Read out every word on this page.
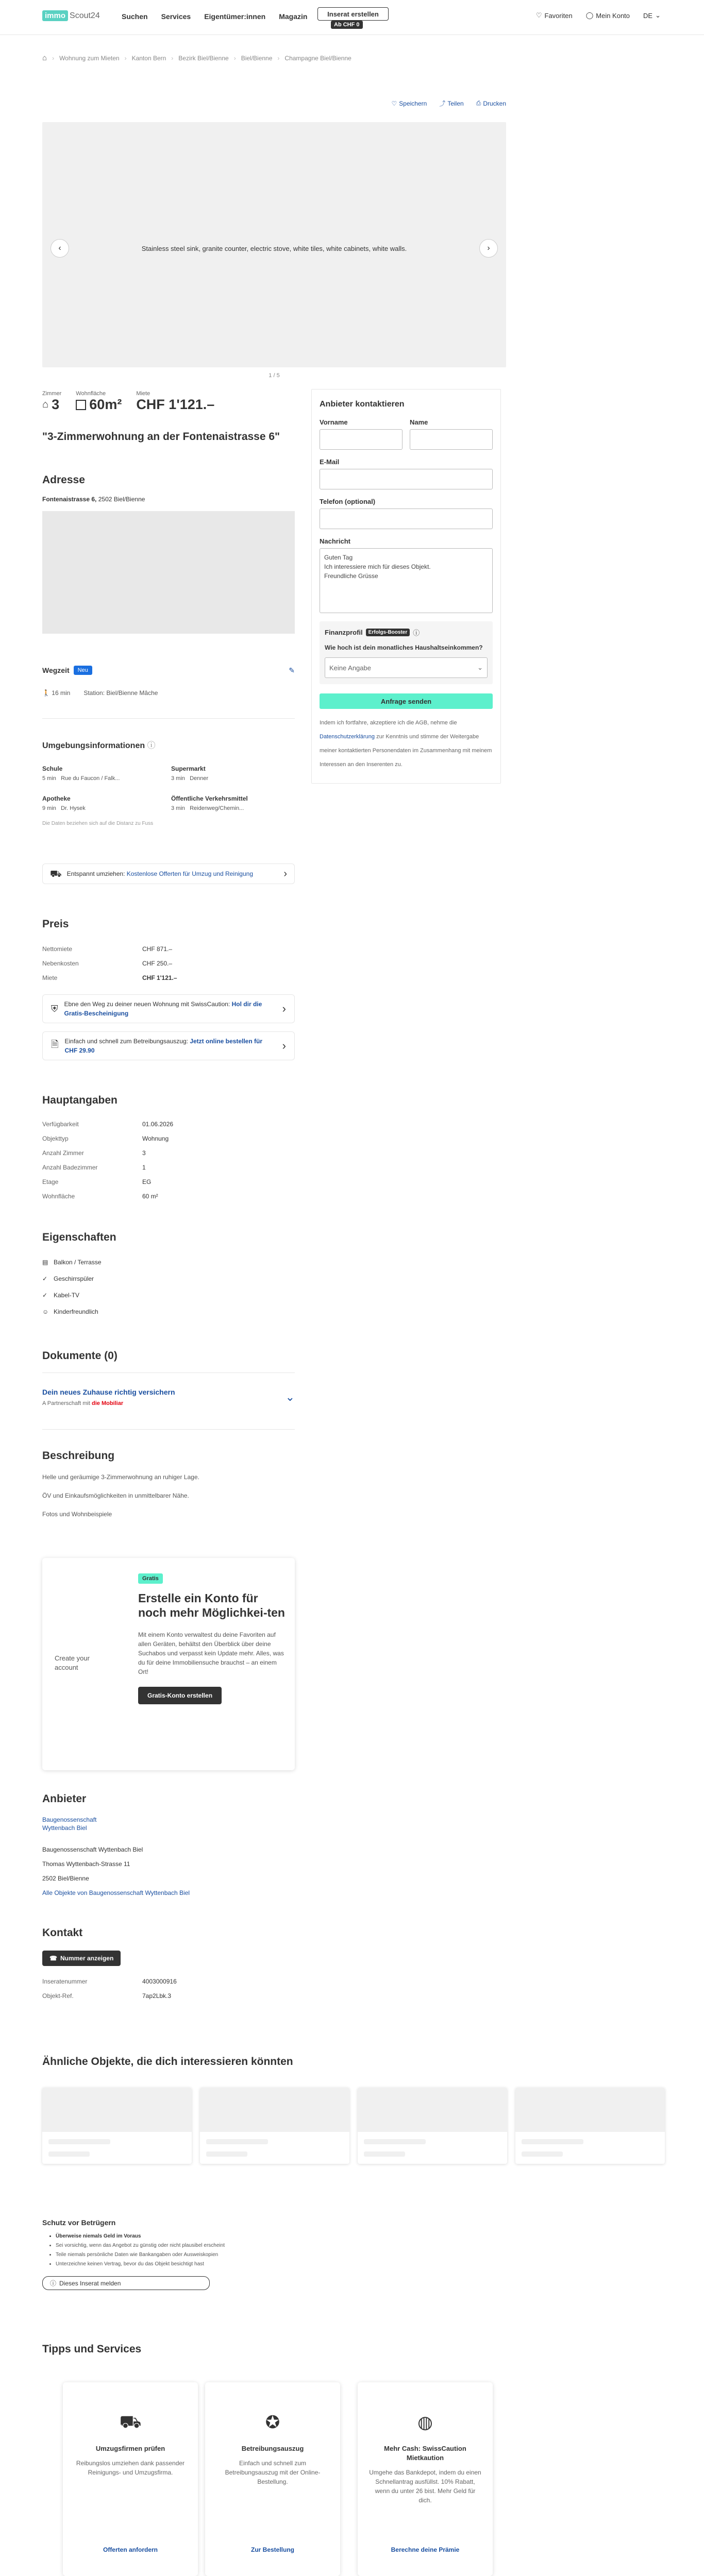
immo Scout24	Suchen Services Eigentümer:innen Magazin	Inserat erstellen
Ab CHF 0
♡ Favoriten ◯ Mein Konto DE ⌄
⌂ › Wohnung zum Mieten › Kanton Bern › Bezirk Biel/Bienne › Biel/Bienne › Champagne Biel/Bienne
♡ Speichern ⤴ Teilen ⎙ Drucken
Stainless steel sink, granite counter, electric stove, white tiles, white cabinets, white walls.
‹	›
1 / 5
Zimmer
⌂ 3
Wohnfläche
60m²
Miete
CHF 1'121.–
"3-Zimmerwohnung an der Fontenaistrasse 6"
Adresse
Fontenaistrasse 6, 2502 Biel/Bienne
Wegzeit	Neu	✎
🚶 16 min Station: Biel/Bienne Mâche
Umgebungsinformationen ⓘ
Schule
5 min Rue du Faucon / Falk...
Supermarkt
3 min Denner
Apotheke
9 min Dr. Hysek
Öffentliche Verkehrsmittel
3 min Reidenweg/Chemin...
Die Daten beziehen sich auf die Distanz zu Fuss
⛟ Entspannt umziehen: Kostenlose Offerten für Umzug und Reinigung	›
Preis
Nettomiete	CHF 871.–
Nebenkosten	CHF 250.–
Miete	CHF 1'121.–
⛨ Ebne den Weg zu deiner neuen Wohnung mit SwissCaution: Hol dir die Gratis-Bescheinigung	›
🗎 Einfach und schnell zum Betreibungsauszug: Jetzt online bestellen für CHF 29.90	›
Hauptangaben
Verfügbarkeit	01.06.2026
Objekttyp	Wohnung
Anzahl Zimmer	3
Anzahl Badezimmer	1
Etage	EG
Wohnfläche	60 m²
Eigenschaften
▤ Balkon / Terrasse
✓ Geschirrspüler
✓ Kabel-TV
☺ Kinderfreundlich
Dokumente (0)
Dein neues Zuhause richtig versichern
A Partnerschaft mit die Mobiliar	⌄
Beschreibung
Helle und geräumige 3-Zimmerwohnung an ruhiger Lage.
ÖV und Einkaufsmöglichkeiten in unmittelbarer Nähe.
Fotos und Wohnbeispiele
Create your account
Gratis
Erstelle ein Konto für noch mehr Möglichkei-ten
Mit einem Konto verwaltest du deine Favoriten auf allen Geräten, behältst den Überblick über deine Suchabos und verpasst kein Update mehr. Alles, was du für deine Immobiliensuche brauchst – an einem Ort!
Gratis-Konto erstellen
Anbieter
Baugenossenschaft Wyttenbach Biel
Baugenossenschaft Wyttenbach Biel
Thomas Wyttenbach-Strasse 11
2502 Biel/Bienne
Alle Objekte von Baugenossenschaft Wyttenbach Biel
Kontakt
☎ Nummer anzeigen
Inseratenummer	4003000916
Objekt-Ref.	7ap2Lbk.3
Ähnliche Objekte, die dich interessieren könnten
Schutz vor Betrügern
• Überweise niemals Geld im Voraus
• Sei vorsichtig, wenn das Angebot zu günstig oder nicht plausibel erscheint
• Teile niemals persönliche Daten wie Bankangaben oder Ausweiskopien
• Unterzeichne keinen Vertrag, bevor du das Objekt besichtigt hast
ⓘ Dieses Inserat melden
Tipps und Services
⛟
Umzugsfirmen prüfen
Reibungslos umziehen dank passender Reinigungs- und Umzugsfirma.
Offerten anfordern
✪
Betreibungsauszug
Einfach und schnell zum Betreibungsauszug mit der Online-Bestellung.
Zur Bestellung
◍
Mehr Cash: SwissCaution Mietkaution
Umgehe das Bankdepot, indem du einen Schnellantrag ausfüllst. 10% Rabatt, wenn du unter 26 bist. Mehr Geld für dich.
Berechne deine Prämie
Anbieter kontaktieren
Vorname	Name
E-Mail
Telefon (optional)
Nachricht
Guten Tag
Ich interessiere mich für dieses Objekt.
Freundliche Grüsse
Finanzprofil	Erfolgs-Booster ⓘ
Wie hoch ist dein monatliches Haushaltseinkommen?
Keine Angabe	⌄
Anfrage senden
Indem ich fortfahre, akzeptiere ich die AGB, nehme die Datenschutzerklärung zur Kenntnis und stimme der Weitergabe meiner kontaktierten Personendaten im Zusammenhang mit meinem Interessen an den Inserenten zu.
